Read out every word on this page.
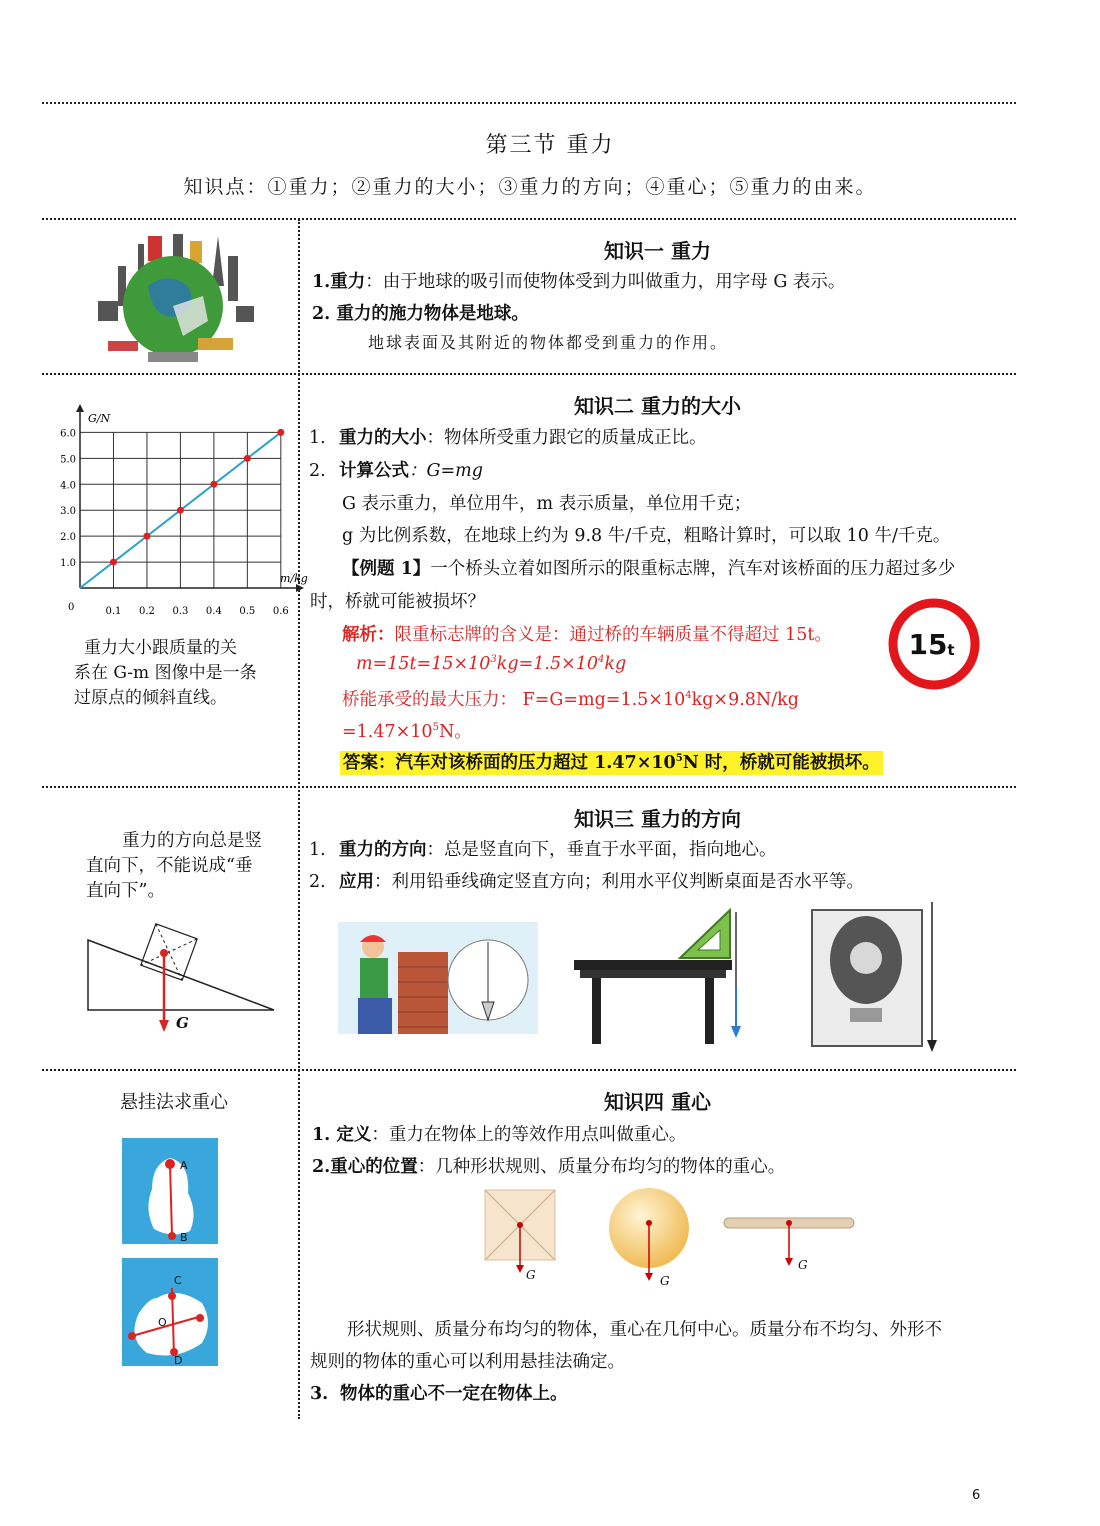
第三节 重力
知识点：①重力；②重力的大小；③重力的方向；④重心；⑤重力的由来。
知识一 重力
1.重力：由于地球的吸引而使物体受到力叫做重力，用字母 G 表示。
2. 重力的施力物体是地球。
地球表面及其附近的物体都受到重力的作用。
0.1 0.2 0.3 0.4 0.5 0.6
1.0
2.0
3.0
4.0
5.0
6.0
0
G/N
m/kg
重力大小跟质量的关
系在 G-m 图像中是一条
过原点的倾斜直线。
知识二 重力的大小
1. 重力的大小：物体所受重力跟它的质量成正比。
2. 计算公式：G=mg
G 表示重力，单位用牛，m 表示质量，单位用千克；
g 为比例系数，在地球上约为 9.8 牛/千克，粗略计算时，可以取 10 牛/千克。
【例题 1】一个桥头立着如图所示的限重标志牌，汽车对该桥面的压力超过多少
时，桥就可能被损坏？
解析：限重标志牌的含义是：通过桥的车辆质量不得超过 15t。
$m=15t=15\times 10^3kg=1.5\times 10^4kg$
桥能承受的最大压力： $F=G=mg=1.5\times 10^4kg\times 9.8N/kg$
$=1.47\times 10^5N$。
答案：汽车对该桥面的压力超过 $1.47\times 10^5N$ 时，桥就可能被损坏。
15 t
重力的方向总是竖
直向下，不能说成“垂
直向下”。
G
知识三 重力的方向
1. 重力的方向：总是竖直向下，垂直于水平面，指向地心。
2. 应用：利用铅垂线确定竖直方向；利用水平仪判断桌面是否水平等。
悬挂法求重心
A
B
C
D
O
知识四 重心
1. 定义：重力在物体上的等效作用点叫做重心。
2.重心的位置：几种形状规则、质量分布均匀的物体的重心。
G	G
G
形状规则、质量分布均匀的物体，重心在几何中心。质量分布不均匀、外形不
规则的物体的重心可以利用悬挂法确定。
3. 物体的重心不一定在物体上。
6
